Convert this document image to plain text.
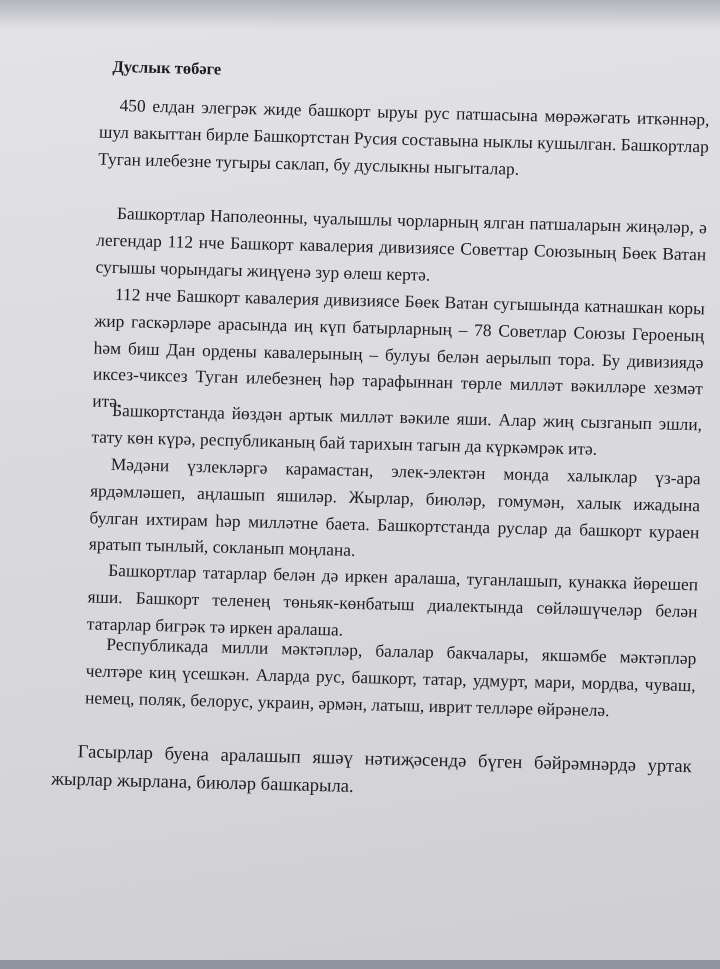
Дуслык төбәге

450 елдан элегрәк жиде башкорт ыруы рус патшасына мөрәжәгать иткәннәр, шул вакыттан бирле Башкортстан Русия составына ныклы кушылган. Башкортлар Туган илебезне тугыры саклап, бу дуслыкны ныгыталар.

Башкортлар Наполеонны, чуалышлы чорларның ялган патшаларын жиңәләр, ә легендар 112 нче Башкорт кавалерия дивизиясе Советтар Союзының Бөек Ватан сугышы чорындагы жиңүенә зур өлеш кертә.

112 нче Башкорт кавалерия дивизиясе Бөек Ватан сугышында катнашкан коры жир гаскәрләре арасында иң күп батырларның – 78 Советлар Союзы Героеның һәм биш Дан ордены кавалерының – булуы белән аерылып тора. Бу дивизиядә иксез-чиксез Туган илебезнең һәр тарафыннан төрле милләт вәкилләре хезмәт итә.

Башкортстанда йөздән артык милләт вәкиле яши. Алар жиң сызганып эшли, тату көн күрә, республиканың бай тарихын тагын да күркәмрәк итә.

Мәдәни үзлекләргә карамастан, элек-электән монда халыклар үз-ара ярдәмләшеп, аңлашып яшиләр. Жырлар, биюләр, гомумән, халык ижадына булган ихтирам һәр милләтне баета. Башкортстанда руслар да башкорт кураен яратып тынлый, сокланып моңлана.

Башкортлар татарлар белән дә иркен аралаша, туганлашып, кунакка йөрешеп яши. Башкорт теленең төньяк-көнбатыш диалектында сөйләшүчеләр белән татарлар бигрәк тә иркен аралаша.

Республикада милли мәктәпләр, балалар бакчалары, якшәмбе мәктәпләр челтәре киң үсешкән. Аларда рус, башкорт, татар, удмурт, мари, мордва, чуваш, немец, поляк, белорус, украин, әрмән, латыш, иврит телләре өйрәнелә.

Гасырлар буена аралашып яшәү нәтиҗәсендә бүген бәйрәмнәрдә уртак жырлар жырлана, биюләр башкарыла.
